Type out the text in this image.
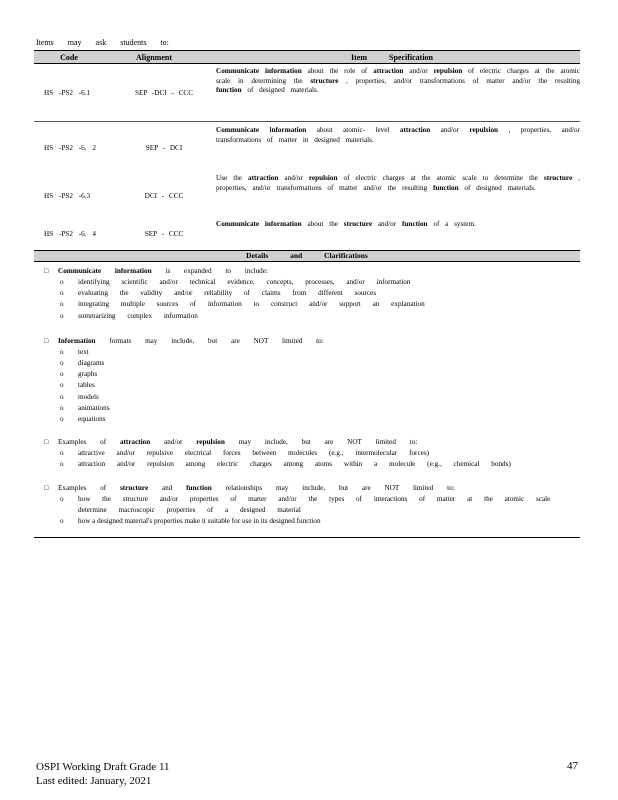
Items may ask students to:
Code	Alignment	Item Specification
HS -PS2 -6.1	SEP -DCI - CCC
Communicate information about the role of attraction and/or repulsion of electric charges at the atomic scale in determining the structure , properties, and/or transformations of matter and/or the resulting function of designed materials.
HS -PS2 -6. 2	SEP - DCI
Communicate information about atomic- level attraction and/or repulsion , properties, and/or transformations of matter in designed materials.
HS -PS2 -6.3	DCI - CCC
Use the attraction and/or repulsion of electric charges at the atomic scale to determine the structure , properties, and/or transformations of matter and/or the resulting function of designed materials.
HS -PS2 -6. 4	SEP - CCC
Communicate information about the structure and/or function of a system.
Details and Clarifications
□	Communicate information is expanded to include:
o	identifying scientific and/or technical evidence, concepts, processes, and/or information
o	evaluating the validity and/or reliability of claims from different sources
o	integrating multiple sources of information to construct and/or support an explanation
o	summarizing complex information
□	Information formats may include, but are NOT limited to:
o	text
o	diagrams
o	graphs
o	tables
o	models
o	animations
o	equations
□	Examples of attraction and/or repulsion may include, but are NOT limited to:
o	attractive and/or repulsive electrical forces between molecules (e.g., intermolecular forces)
o	attraction and/or repulsion among electric charges among atoms within a molecule (e.g., chemical bonds)
□	Examples of structure and function relationships may include, but are NOT limited to:
o	how the structure and/or properties of matter and/or the types of interactions of matter at the atomic scale determine macroscopic properties of a designed material
o	how a designed material's properties make it suitable for use in its designed function
OSPI Working Draft Grade 11
Last edited: January, 2021
47
